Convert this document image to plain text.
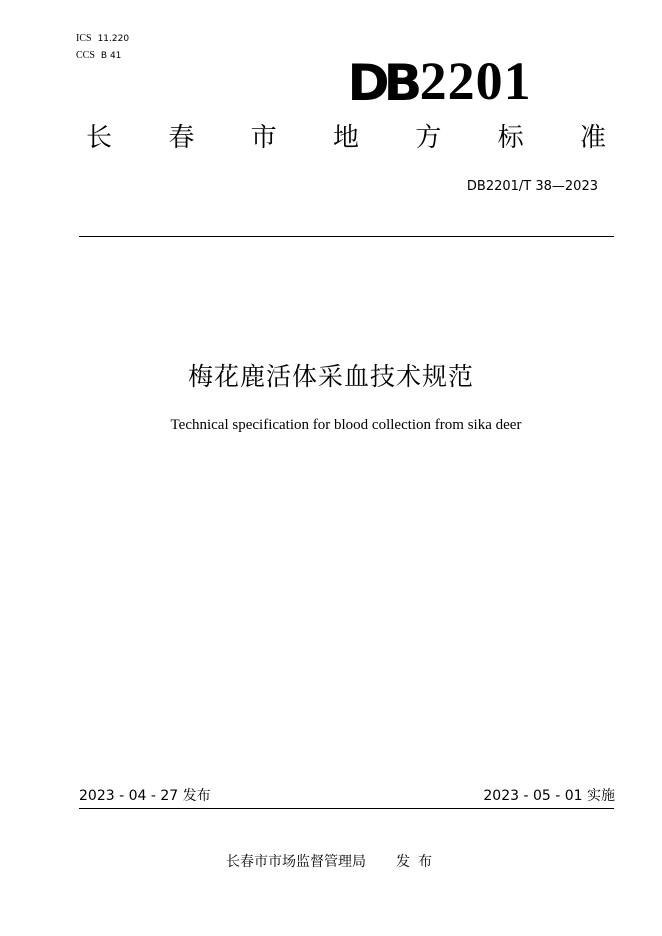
ICS 11.220
CCS B 41	DB 2201
长 春 市 地 方 标 准
DB2201/T 38—2023
梅花鹿活体采血技术规范
Technical specification for blood collection from sika deer
2023 - 04 - 27 发布	2023 - 05 - 01 实施
长春市市场监督管理局 发布
